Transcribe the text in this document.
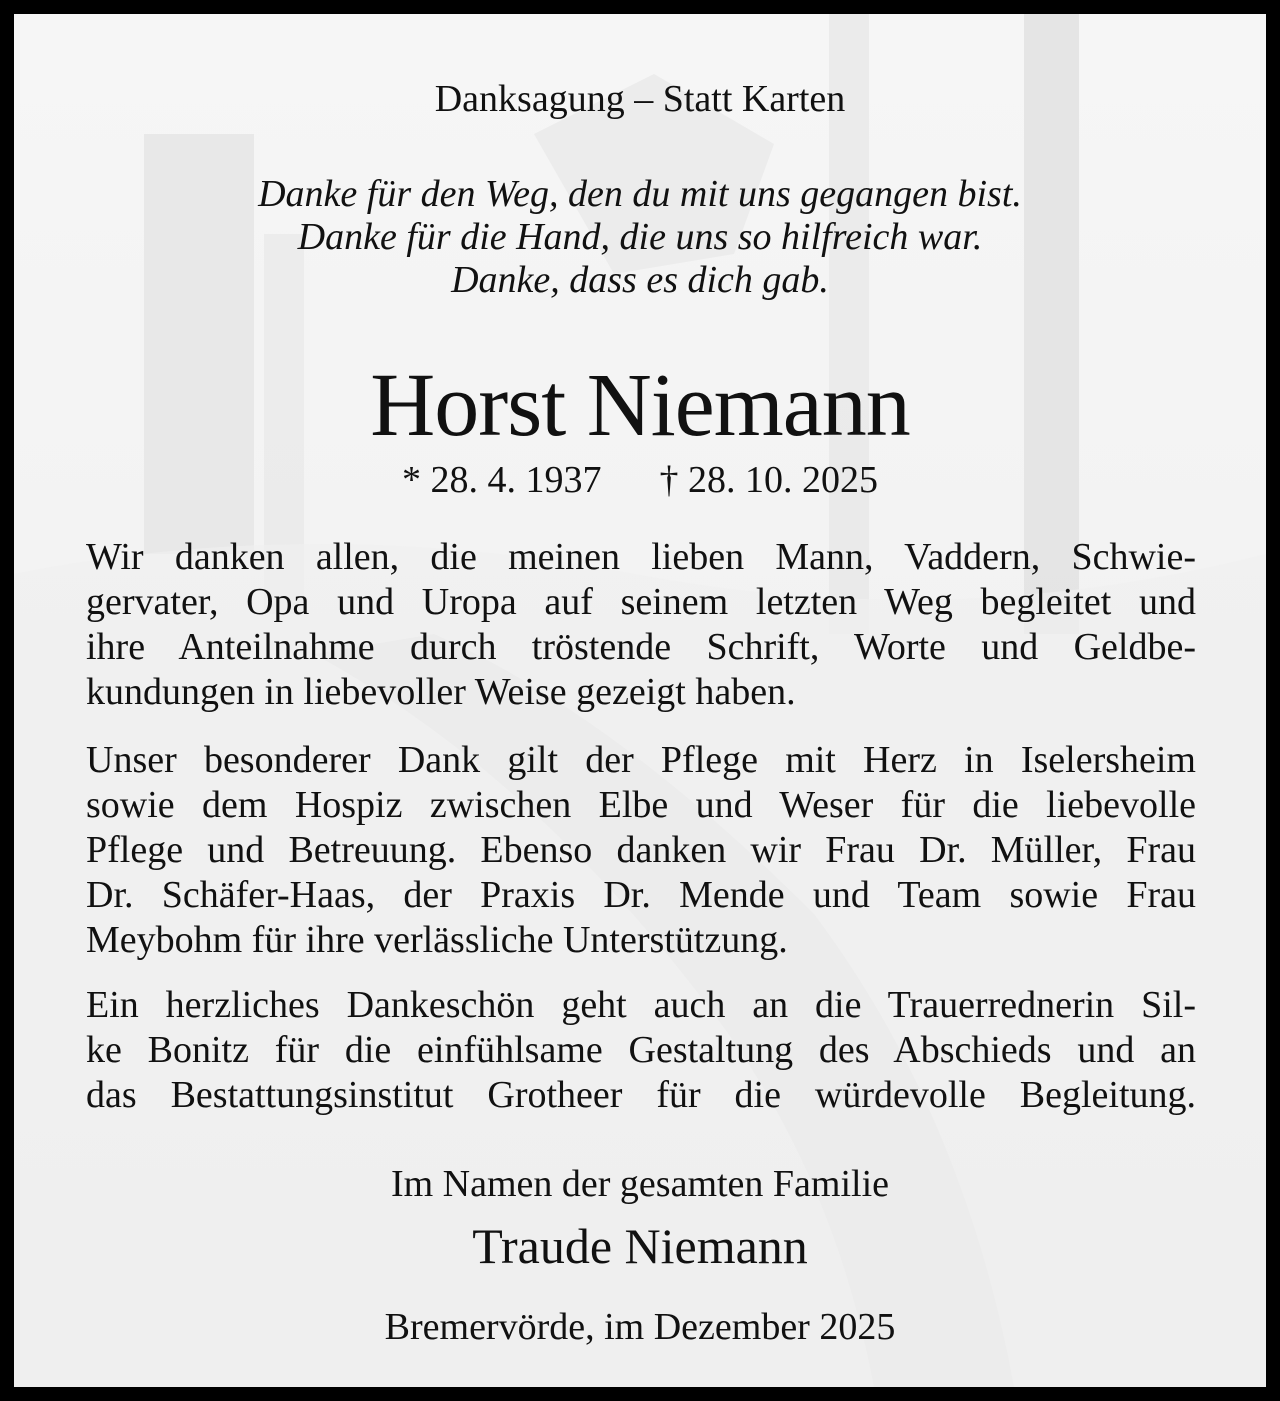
Danksagung – Statt Karten
Danke für den Weg, den du mit uns gegangen bist.
Danke für die Hand, die uns so hilfreich war.
Danke, dass es dich gab.
Horst Niemann
* 28. 4. 1937 † 28. 10. 2025
Wir danken allen, die meinen lieben Mann, Vaddern, Schwie-
gervater, Opa und Uropa auf seinem letzten Weg begleitet und
ihre Anteilnahme durch tröstende Schrift, Worte und Geldbe-
kundungen in liebevoller Weise gezeigt haben.
Unser besonderer Dank gilt der Pflege mit Herz in Iselersheim
sowie dem Hospiz zwischen Elbe und Weser für die liebevolle
Pflege und Betreuung. Ebenso danken wir Frau Dr. Müller, Frau
Dr. Schäfer-Haas, der Praxis Dr. Mende und Team sowie Frau
Meybohm für ihre verlässliche Unterstützung.
Ein herzliches Dankeschön geht auch an die Trauerrednerin Sil-
ke Bonitz für die einfühlsame Gestaltung des Abschieds und an
das Bestattungsinstitut Grotheer für die würdevolle Begleitung.
Im Namen der gesamten Familie
Traude Niemann
Bremervörde, im Dezember 2025
